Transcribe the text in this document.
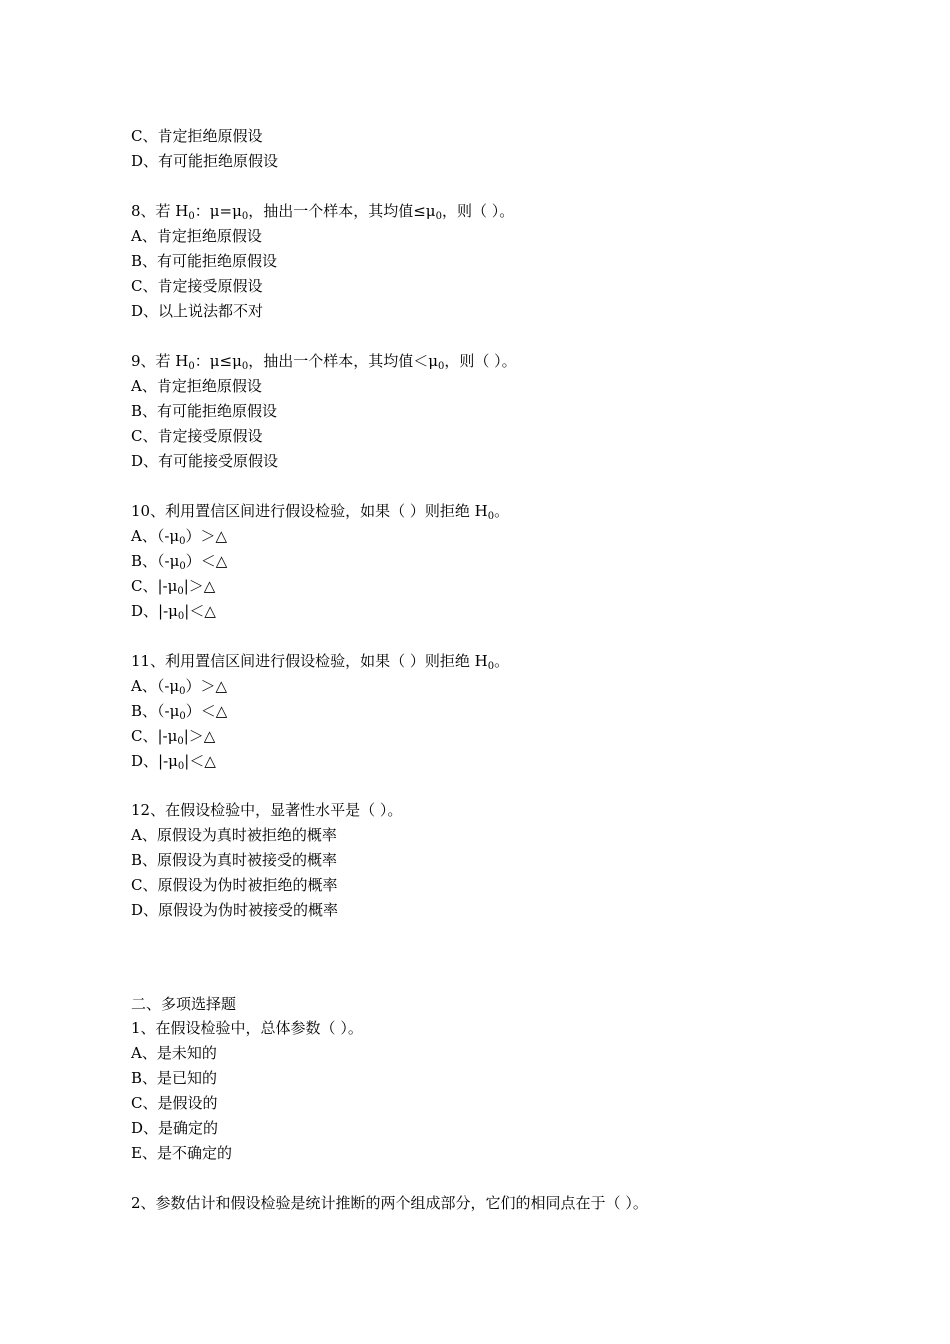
C、肯定拒绝原假设
D、有可能拒绝原假设
8、若 $H_0$：$\mu=\mu_0$，抽出一个样本，其均值$\le\mu_0$，则（ ）。
A、肯定拒绝原假设
B、有可能拒绝原假设
C、肯定接受原假设
D、以上说法都不对
9、若 $H_0$：$\mu\le\mu_0$，抽出一个样本，其均值$<\mu_0$，则（ ）。
A、肯定拒绝原假设
B、有可能拒绝原假设
C、肯定接受原假设
D、有可能接受原假设
10、利用置信区间进行假设检验，如果（ ）则拒绝 $H_0$。
A、$(-\mu_0)>\triangle$
B、$(-\mu_0)<\triangle$
C、$|-\mu_0|>\triangle$
D、$|-\mu_0|<\triangle$
11、利用置信区间进行假设检验，如果（ ）则拒绝 $H_0$。
A、$(-\mu_0)>\triangle$
B、$(-\mu_0)<\triangle$
C、$|-\mu_0|>\triangle$
D、$|-\mu_0|<\triangle$
12、在假设检验中，显著性水平是（ ）。
A、原假设为真时被拒绝的概率
B、原假设为真时被接受的概率
C、原假设为伪时被拒绝的概率
D、原假设为伪时被接受的概率
二、多项选择题
1、在假设检验中，总体参数（ ）。
A、是未知的
B、是已知的
C、是假设的
D、是确定的
E、是不确定的
2、参数估计和假设检验是统计推断的两个组成部分，它们的相同点在于（ ）。
